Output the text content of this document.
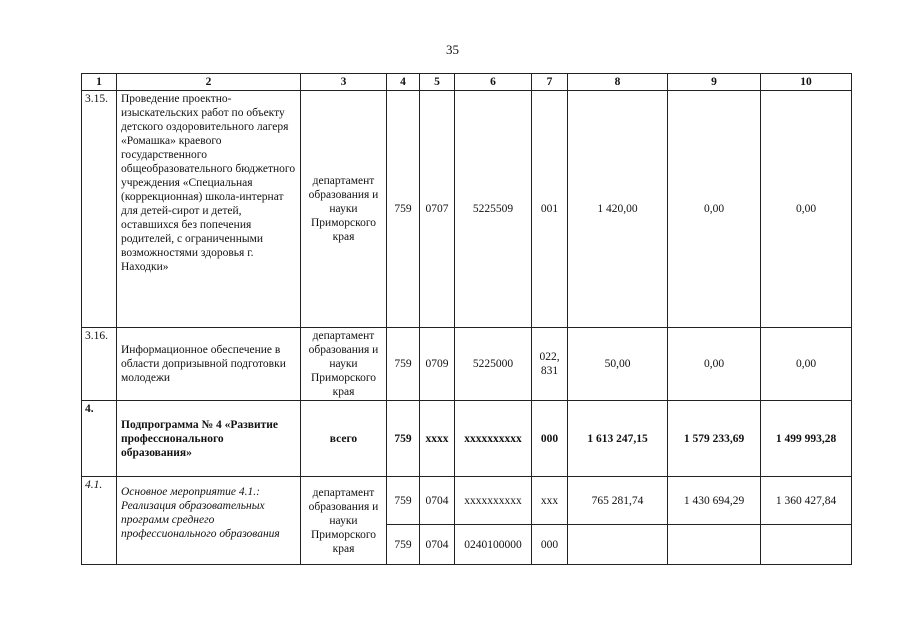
35
1	2	3	4	5	6	7	8	9	10
3.15.	Проведение проектно-изыскательских работ по объекту детского оздоровительного лагеря «Ромашка» краевого государственного общеобразовательного бюджетного учреждения «Специальная (коррекционная) школа-интернат для детей-сирот и детей, оставшихся без попечения родителей, с ограниченными возможностями здоровья г. Находки»	департамент образования и науки Приморского края	759	0707	5225509	001	1 420,00	0,00	0,00
3.16.	Информационное обеспечение в области допризывной подготовки молодежи	департамент образования и науки Приморского края	759	0709	5225000	022, 831	50,00	0,00	0,00
4.	Подпрограмма № 4 «Развитие профессионального образования»	всего	759	хххх	хххххххххх	000	1 613 247,15	1 579 233,69	1 499 993,28
4.1.	Основное мероприятие 4.1.: Реализация образовательных программ среднего профессионального образования	департамент образования и науки Приморского края	759	0704	хххххххххх	ххх	765 281,74	1 430 694,29	1 360 427,84
			759	0704	0240100000	000			
